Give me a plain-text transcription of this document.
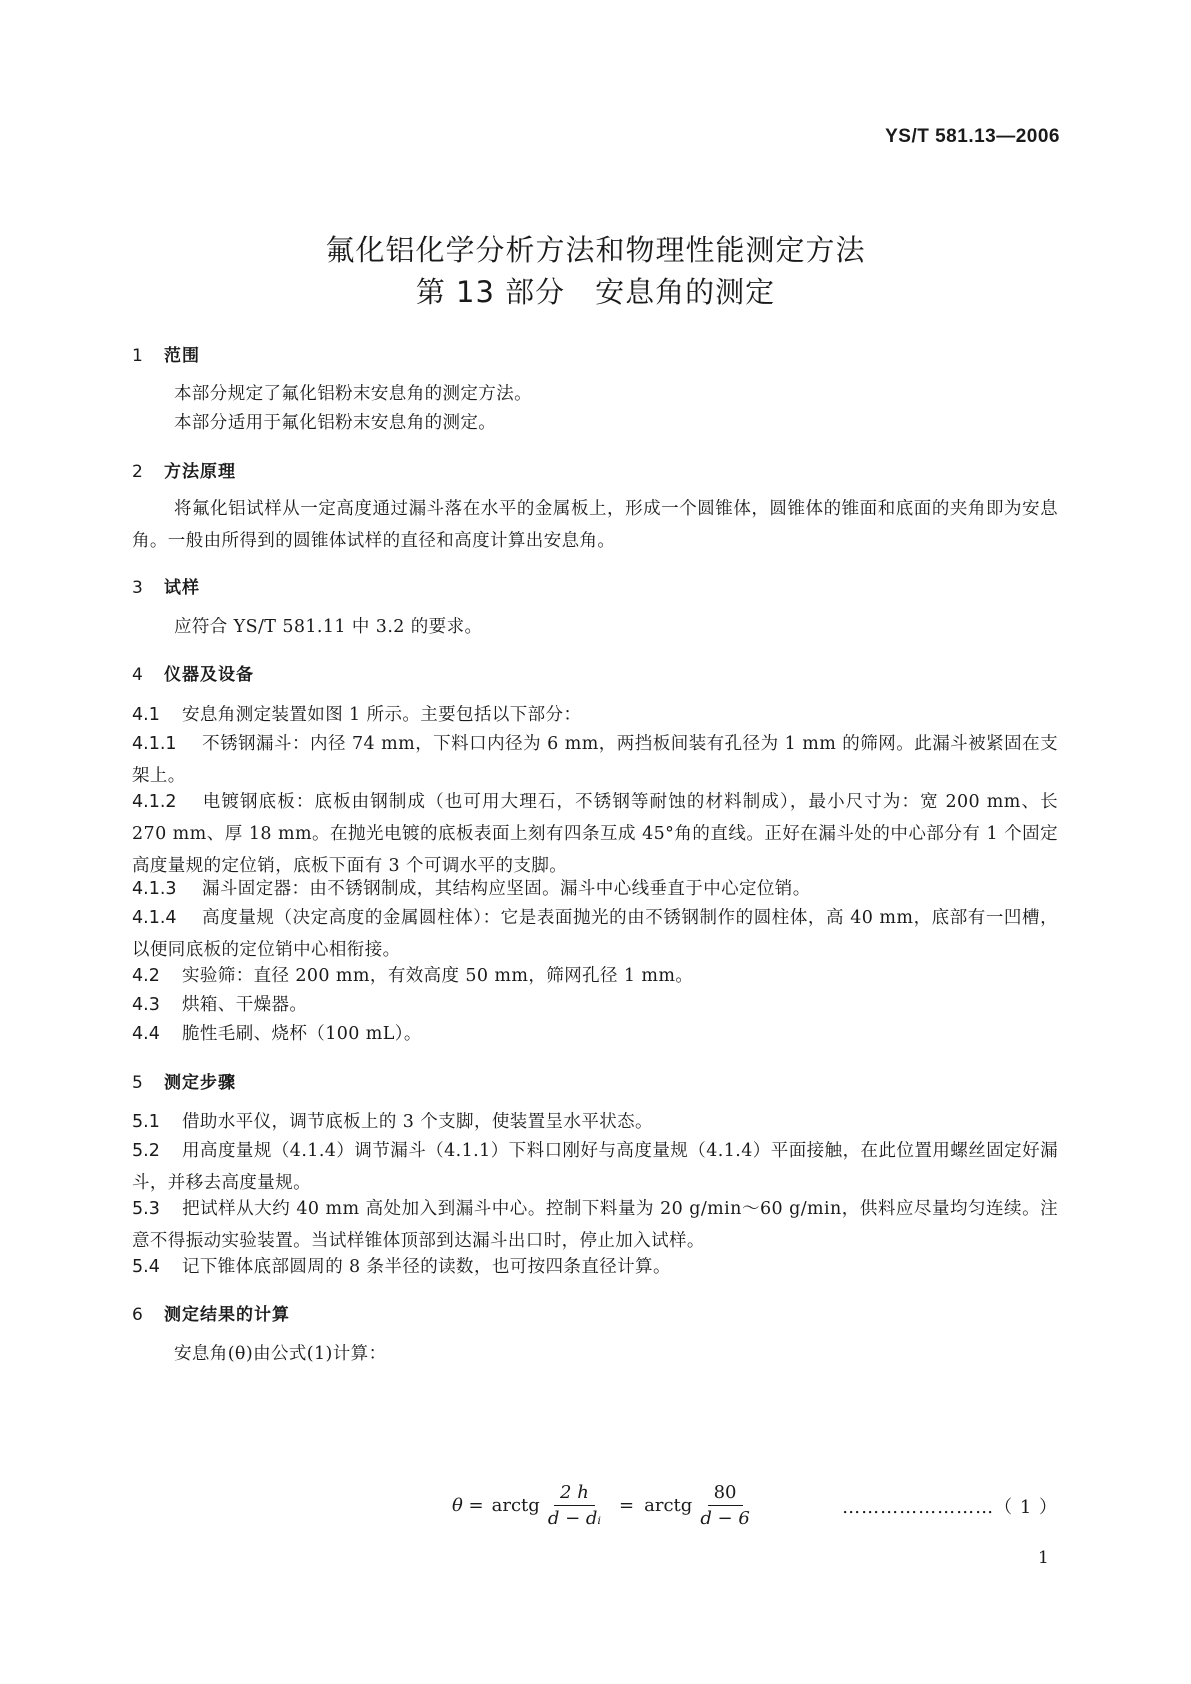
YS/T 581.13—2006
氟化铝化学分析方法和物理性能测定方法
第 13 部分 安息角的测定
1 范围
本部分规定了氟化铝粉末安息角的测定方法。
本部分适用于氟化铝粉末安息角的测定。
2 方法原理
将氟化铝试样从一定高度通过漏斗落在水平的金属板上，形成一个圆锥体，圆锥体的锥面和底面的夹角即为安息角。一般由所得到的圆锥体试样的直径和高度计算出安息角。
3 试样
应符合 YS/T 581.11 中 3.2 的要求。
4 仪器及设备
4.1 安息角测定装置如图 1 所示。主要包括以下部分：
4.1.1 不锈钢漏斗：内径 74 mm，下料口内径为 6 mm，两挡板间装有孔径为 1 mm 的筛网。此漏斗被紧固在支架上。
4.1.2 电镀钢底板：底板由钢制成（也可用大理石，不锈钢等耐蚀的材料制成），最小尺寸为：宽 200 mm、长 270 mm、厚 18 mm。在抛光电镀的底板表面上刻有四条互成 45°角的直线。正好在漏斗处的中心部分有 1 个固定高度量规的定位销，底板下面有 3 个可调水平的支脚。
4.1.3 漏斗固定器：由不锈钢制成，其结构应坚固。漏斗中心线垂直于中心定位销。
4.1.4 高度量规（决定高度的金属圆柱体）：它是表面抛光的由不锈钢制作的圆柱体，高 40 mm，底部有一凹槽，以便同底板的定位销中心相衔接。
4.2 实验筛：直径 200 mm，有效高度 50 mm，筛网孔径 1 mm。
4.3 烘箱、干燥器。
4.4 脆性毛刷、烧杯（100 mL）。
5 测定步骤
5.1 借助水平仪，调节底板上的 3 个支脚，使装置呈水平状态。
5.2 用高度量规（4.1.4）调节漏斗（4.1.1）下料口刚好与高度量规（4.1.4）平面接触，在此位置用螺丝固定好漏斗，并移去高度量规。
5.3 把试样从大约 40 mm 高处加入到漏斗中心。控制下料量为 20 g/min～60 g/min，供料应尽量均匀连续。注意不得振动实验装置。当试样锥体顶部到达漏斗出口时，停止加入试样。
5.4 记下锥体底部圆周的 8 条半径的读数，也可按四条直径计算。
6 测定结果的计算
安息角(θ)由公式(1)计算：
θ = arctg $\frac{2 h}{\text{d − dᵢ}}$ = arctg $\frac{80}{d - 6}$	……………………（ 1 ）
1
